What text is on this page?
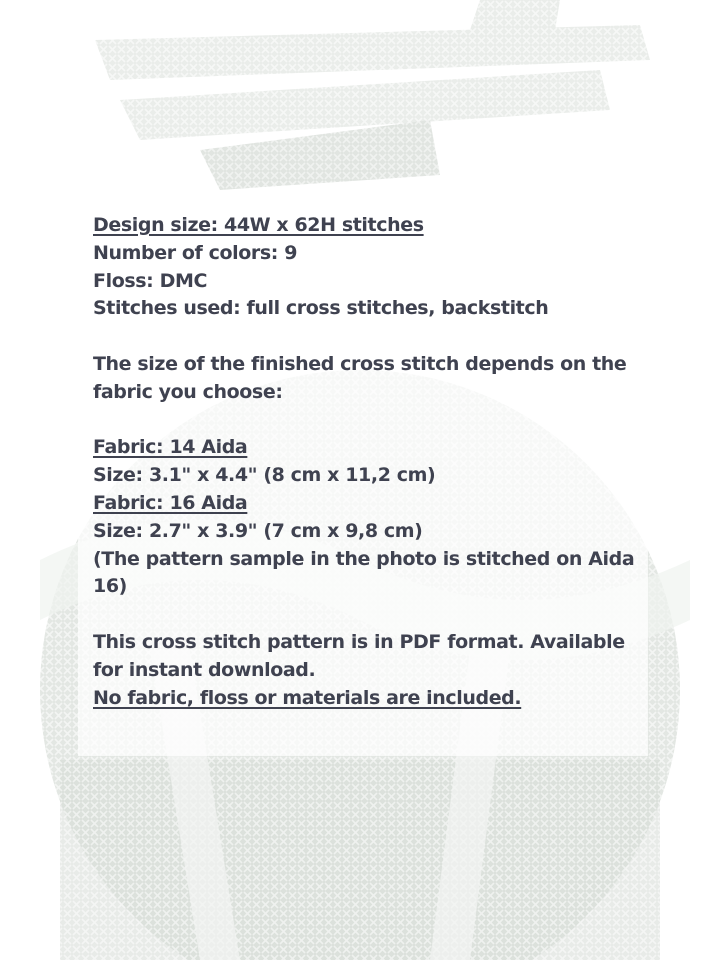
Design size: 44W x 62H stitches
Number of colors: 9
Floss: DMC
Stitches used: full cross stitches, backstitch
The size of the finished cross stitch depends on the
fabric you choose:
Fabric: 14 Aida
Size: 3.1" x 4.4" (8 cm x 11,2 cm)
Fabric: 16 Aida
Size: 2.7" x 3.9" (7 cm x 9,8 cm)
(The pattern sample in the photo is stitched on Aida
16)
This cross stitch pattern is in PDF format. Available
for instant download.
No fabric, floss or materials are included.
